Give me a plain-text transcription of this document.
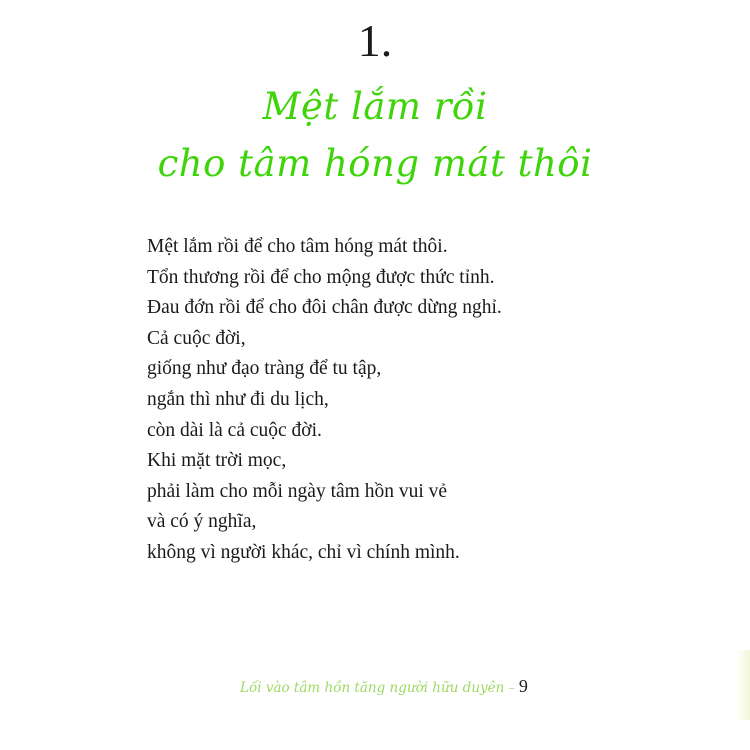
1.
Mệt lắm rồi
cho tâm hóng mát thôi
Mệt lắm rồi để cho tâm hóng mát thôi.
Tổn thương rồi để cho mộng được thức tỉnh.
Đau đớn rồi để cho đôi chân được dừng nghỉ.
Cả cuộc đời,
giống như đạo tràng để tu tập,
ngắn thì như đi du lịch,
còn dài là cả cuộc đời.
Khi mặt trời mọc,
phải làm cho mỗi ngày tâm hồn vui vẻ
và có ý nghĩa,
không vì người khác, chỉ vì chính mình.
Lối vào tâm hồn tăng người hữu duyên – 9
